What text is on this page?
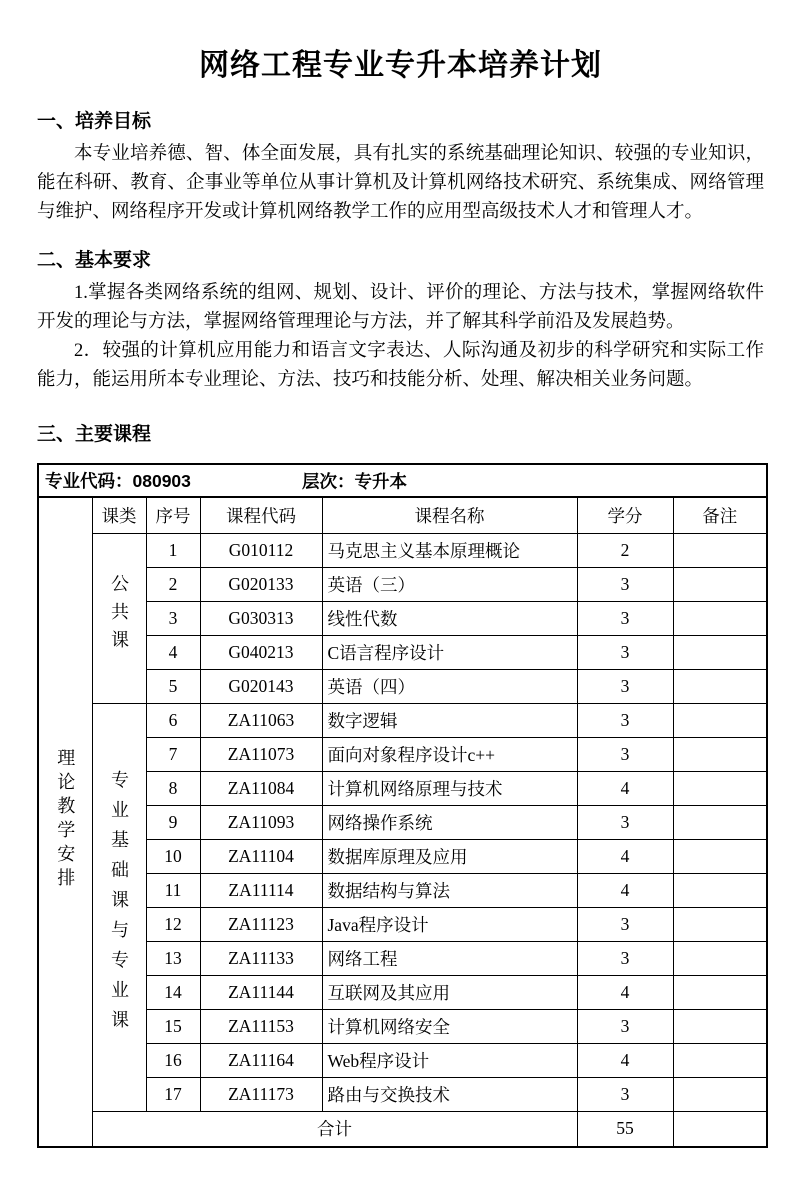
网络工程专业专升本培养计划
一、培养目标

本专业培养德、智、体全面发展，具有扎实的系统基础理论知识、较强的专业知识，能在科研、教育、企事业等单位从事计算机及计算机网络技术研究、系统集成、网络管理与维护、网络程序开发或计算机网络教学工作的应用型高级技术人才和管理人才。

二、基本要求

1.掌握各类网络系统的组网、规划、设计、评价的理论、方法与技术，掌握网络软件开发的理论与方法，掌握网络管理理论与方法，并了解其科学前沿及发展趋势。

2．较强的计算机应用能力和语言文字表达、人际沟通及初步的科学研究和实际工作能力，能运用所本专业理论、方法、技巧和技能分析、处理、解决相关业务问题。

三、主要课程
专业代码：080903 层次：专升本						

理论教学安排	课类	序号	课程代码	课程名称	学分	备注
	公共课	1	G010112	马克思主义基本原理概论	2	
		2	G020133	英语（三）	3	
		3	G030313	线性代数	3	
		4	G040213	C语言程序设计	3	
		5	G020143	英语（四）	3	
	专业基础课与专业课	6	ZA11063	数字逻辑	3	
		7	ZA11073	面向对象程序设计c++	3	
		8	ZA11084	计算机网络原理与技术	4	
		9	ZA11093	网络操作系统	3	
		10	ZA11104	数据库原理及应用	4	
		11	ZA11114	数据结构与算法	4	
		12	ZA11123	Java程序设计	3	
		13	ZA11133	网络工程	3	
		14	ZA11144	互联网及其应用	4	
		15	ZA11153	计算机网络安全	3	
		16	ZA11164	Web程序设计	4	
		17	ZA11173	路由与交换技术	3	
	合计				55	
